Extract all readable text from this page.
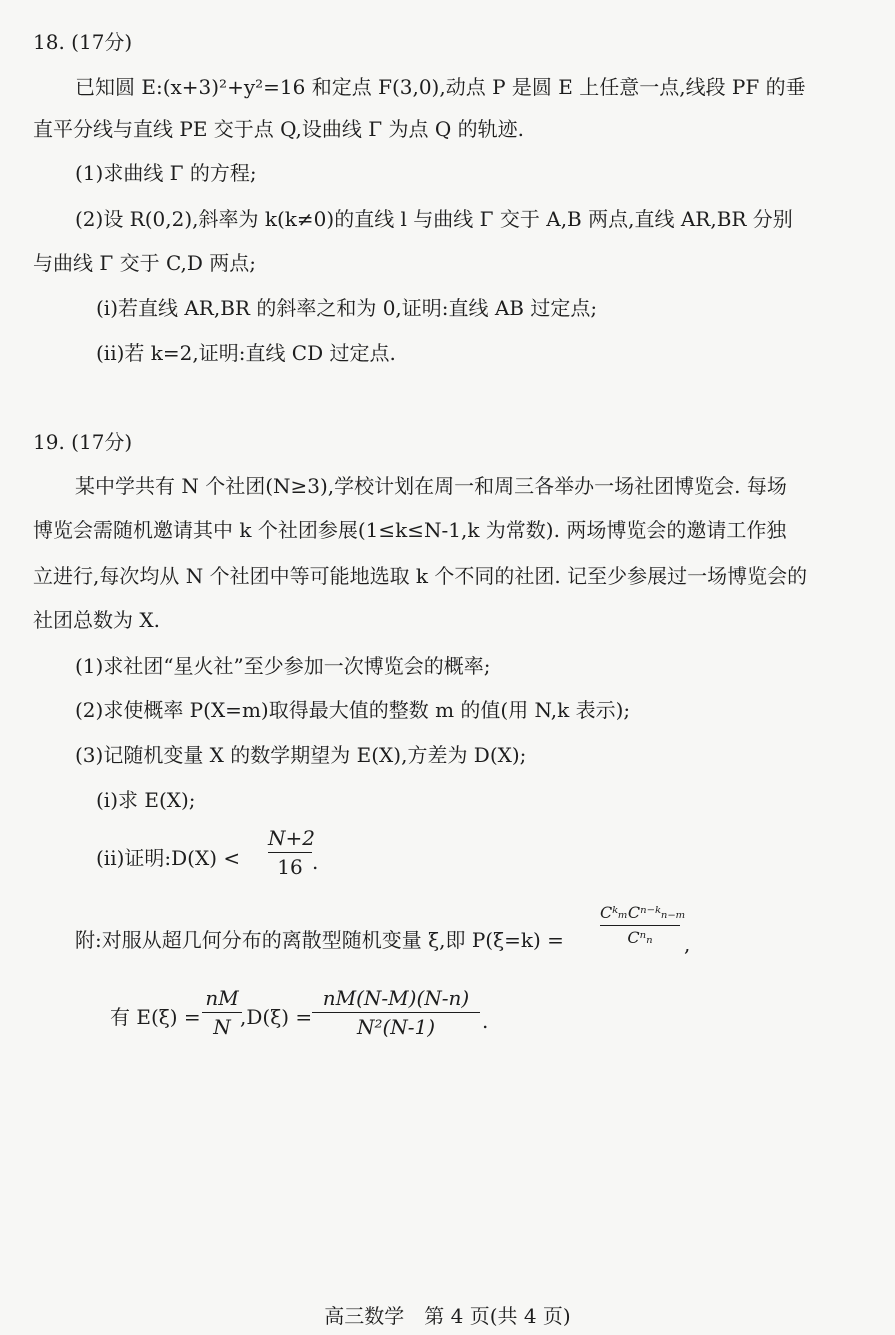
18. (17分)
已知圆 E:(x+3)²+y²=16 和定点 F(3,0),动点 P 是圆 E 上任意一点,线段 PF 的垂
直平分线与直线 PE 交于点 Q,设曲线 Γ 为点 Q 的轨迹.
(1)求曲线 Γ 的方程;
(2)设 R(0,2),斜率为 k(k≠0)的直线 l 与曲线 Γ 交于 A,B 两点,直线 AR,BR 分别
与曲线 Γ 交于 C,D 两点;
(i)若直线 AR,BR 的斜率之和为 0,证明:直线 AB 过定点;
(ii)若 k=2,证明:直线 CD 过定点.
19. (17分)
某中学共有 N 个社团(N≥3),学校计划在周一和周三各举办一场社团博览会. 每场
博览会需随机邀请其中 k 个社团参展(1≤k≤N-1,k 为常数). 两场博览会的邀请工作独
立进行,每次均从 N 个社团中等可能地选取 k 个不同的社团. 记至少参展过一场博览会的
社团总数为 X.
(1)求社团“星火社”至少参加一次博览会的概率;
(2)求使概率 P(X=m)取得最大值的整数 m 的值(用 N,k 表示);
(3)记随机变量 X 的数学期望为 E(X),方差为 D(X);
(i)求 E(X);
(ii)证明:D(X) <
N+2
16 .
附:对服从超几何分布的离散型随机变量 ξ,即 P(ξ=k) =
CᵏₘCⁿ⁻ᵏₙ₋ₘ
Cⁿₙ	,
有 E(ξ) =
nM
N ,D(ξ) =
nM(N-M)(N-n)
N²(N-1)	.
高三数学　第 4 页(共 4 页)
